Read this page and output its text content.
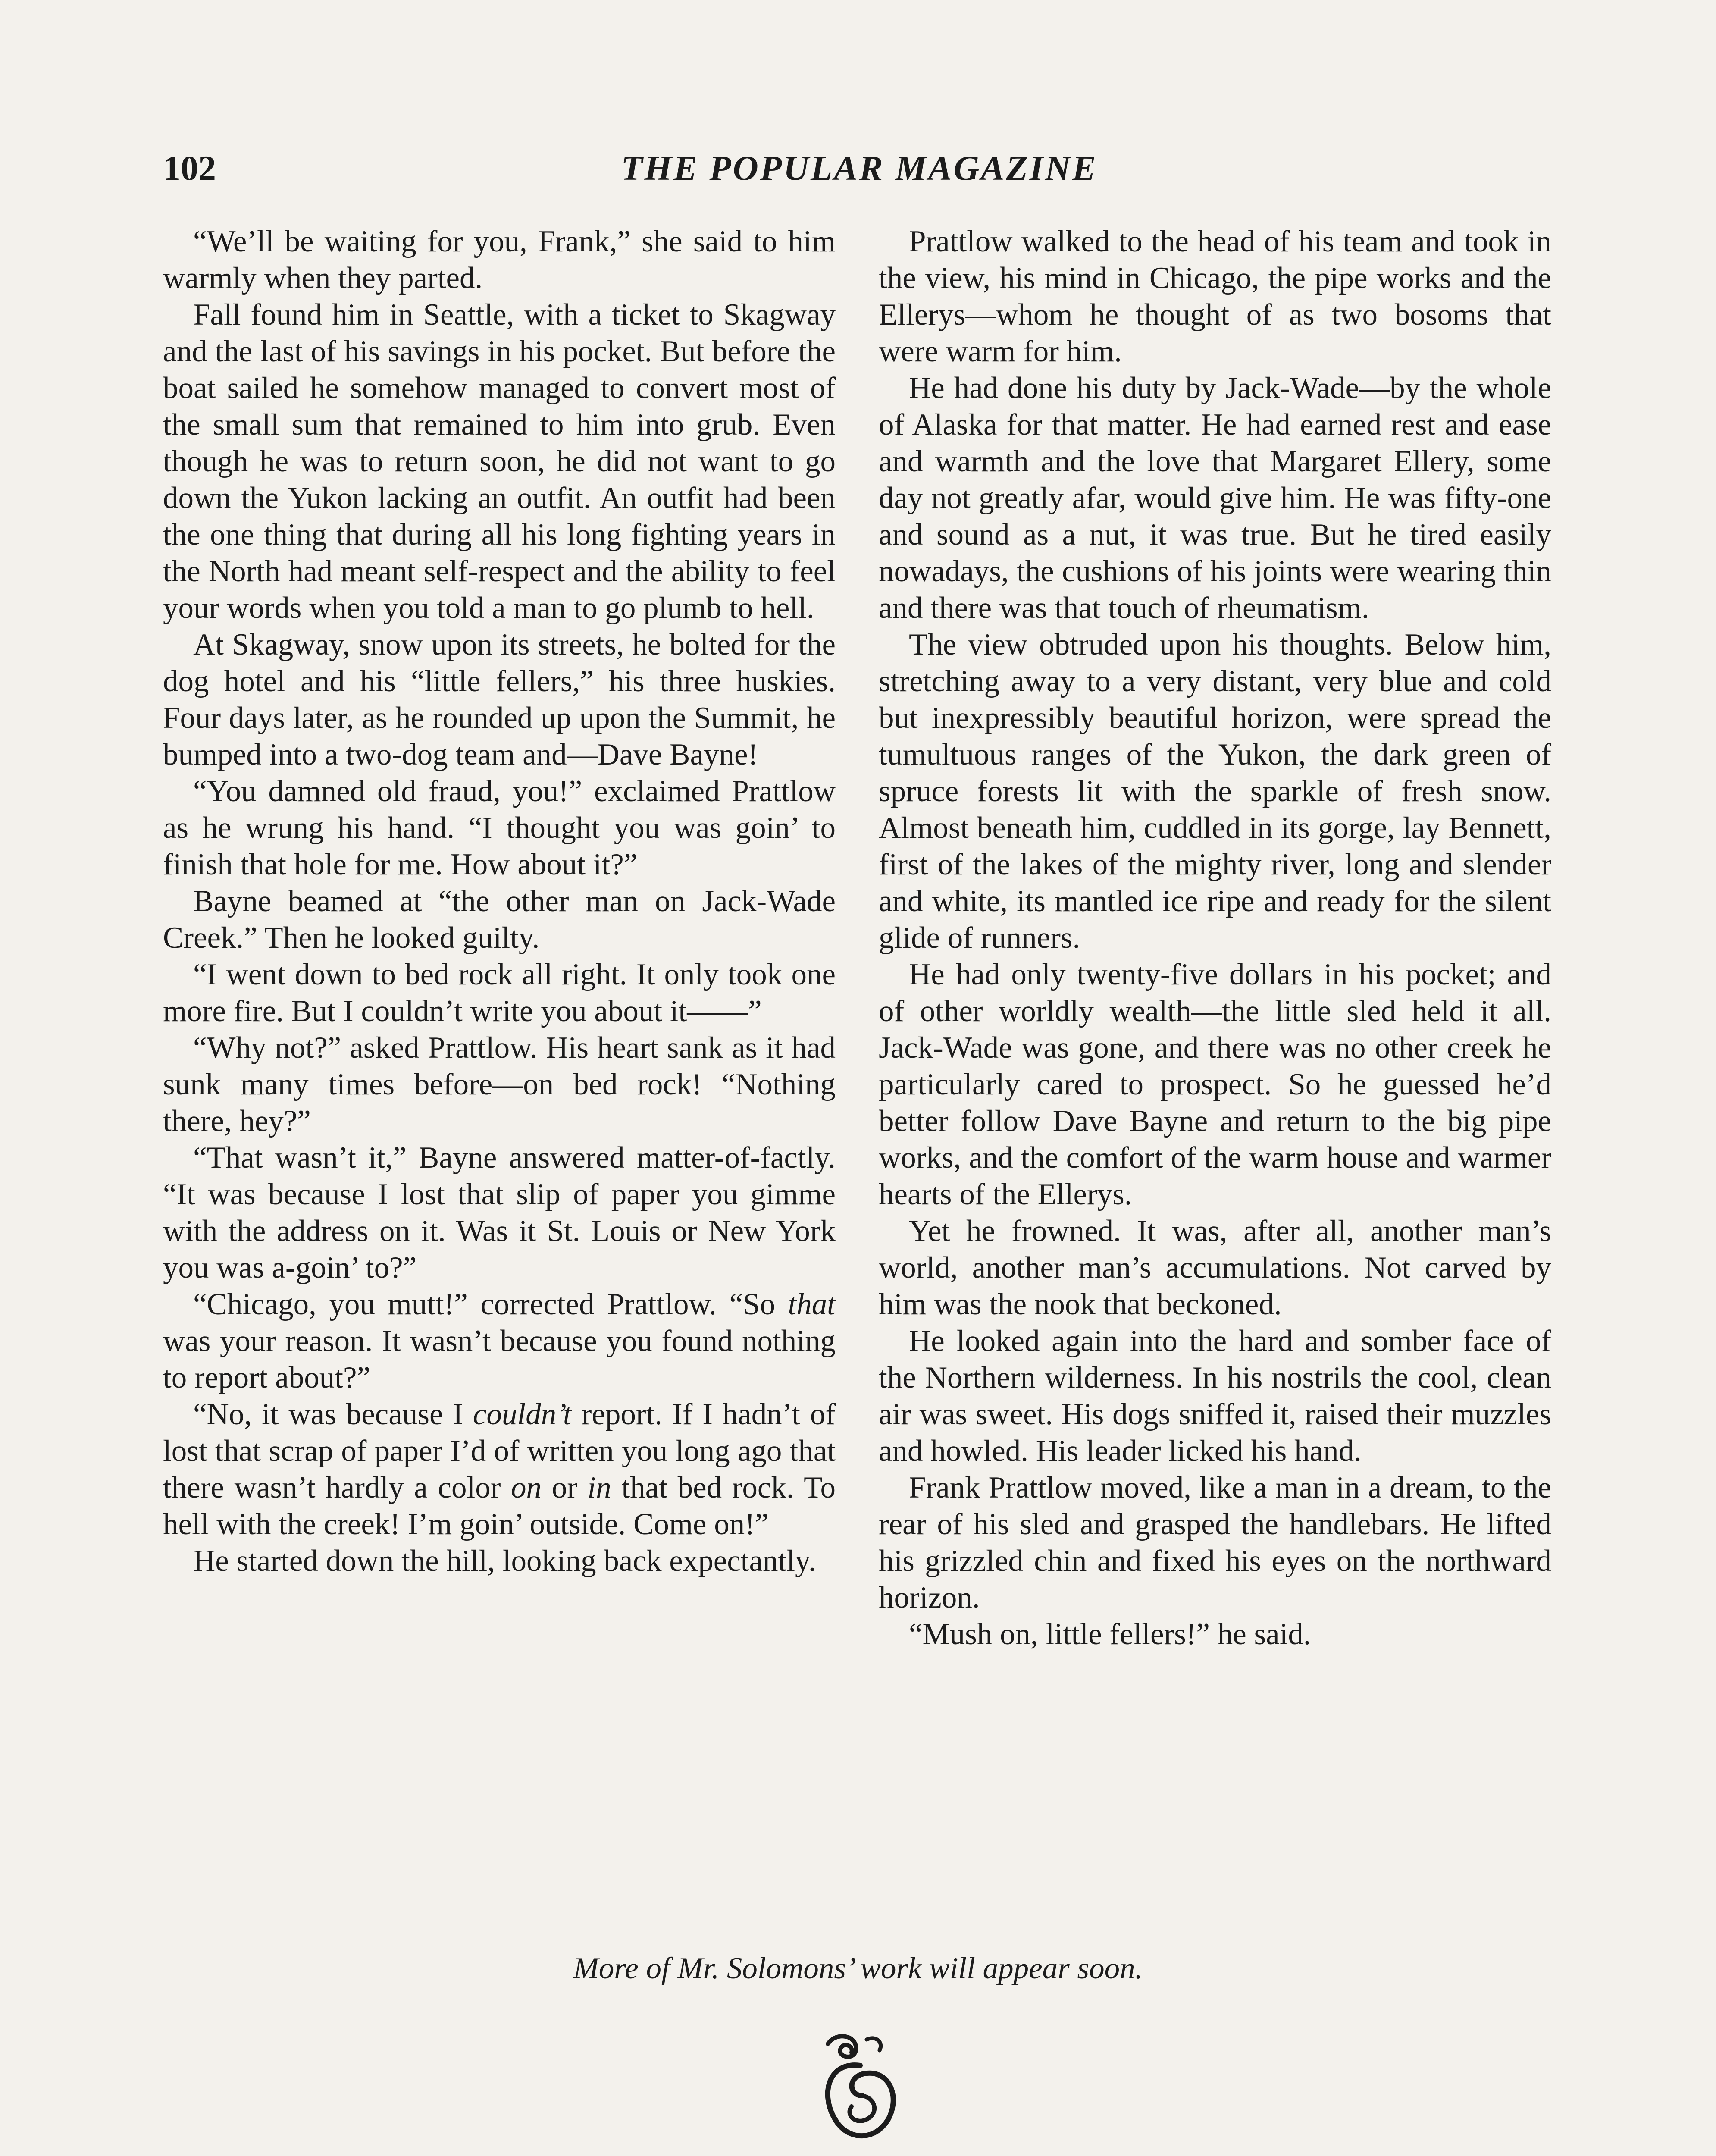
102	THE POPULAR MAGAZINE

“We’ll be waiting for you, Frank,” she said to him warmly when they parted.

Fall found him in Seattle, with a ticket to Skagway and the last of his savings in his pocket. But before the boat sailed he somehow managed to convert most of the small sum that remained to him into grub. Even though he was to return soon, he did not want to go down the Yukon lacking an outfit. An outfit had been the one thing that during all his long fighting years in the North had meant self-respect and the ability to feel your words when you told a man to go plumb to hell.

At Skagway, snow upon its streets, he bolted for the dog hotel and his “little fellers,” his three huskies. Four days later, as he rounded up upon the Summit, he bumped into a two-dog team and—Dave Bayne!

“You damned old fraud, you!” exclaimed Prattlow as he wrung his hand. “I thought you was goin’ to finish that hole for me. How about it?”

Bayne beamed at “the other man on Jack-Wade Creek.” Then he looked guilty.

“I went down to bed rock all right. It only took one more fire. But I couldn’t write you about it——”

“Why not?” asked Prattlow. His heart sank as it had sunk many times before—on bed rock! “Nothing there, hey?”

“That wasn’t it,” Bayne answered matter-of-factly. “It was because I lost that slip of paper you gimme with the address on it. Was it St. Louis or New York you was a-goin’ to?”

“Chicago, you mutt!” corrected Prattlow. “So that was your reason. It wasn’t because you found nothing to report about?”

“No, it was because I couldn’t report. If I hadn’t of lost that scrap of paper I’d of written you long ago that there wasn’t hardly a color on or in that bed rock. To hell with the creek! I’m goin’ outside. Come on!”

He started down the hill, looking back expectantly.

Prattlow walked to the head of his team and took in the view, his mind in Chicago, the pipe works and the Ellerys—whom he thought of as two bosoms that were warm for him.

He had done his duty by Jack-Wade—by the whole of Alaska for that matter. He had earned rest and ease and warmth and the love that Margaret Ellery, some day not greatly afar, would give him. He was fifty-one and sound as a nut, it was true. But he tired easily nowadays, the cushions of his joints were wearing thin and there was that touch of rheumatism.

The view obtruded upon his thoughts. Below him, stretching away to a very distant, very blue and cold but inexpressibly beautiful horizon, were spread the tumultuous ranges of the Yukon, the dark green of spruce forests lit with the sparkle of fresh snow. Almost beneath him, cuddled in its gorge, lay Bennett, first of the lakes of the mighty river, long and slender and white, its mantled ice ripe and ready for the silent glide of runners.

He had only twenty-five dollars in his pocket; and of other worldly wealth—the little sled held it all. Jack-Wade was gone, and there was no other creek he particularly cared to prospect. So he guessed he’d better follow Dave Bayne and return to the big pipe works, and the comfort of the warm house and warmer hearts of the Ellerys.

Yet he frowned. It was, after all, another man’s world, another man’s accumulations. Not carved by him was the nook that beckoned.

He looked again into the hard and somber face of the Northern wilderness. In his nostrils the cool, clean air was sweet. His dogs sniffed it, raised their muzzles and howled. His leader licked his hand.

Frank Prattlow moved, like a man in a dream, to the rear of his sled and grasped the handlebars. He lifted his grizzled chin and fixed his eyes on the northward horizon.

“Mush on, little fellers!” he said.

More of Mr. Solomons’ work will appear soon.
